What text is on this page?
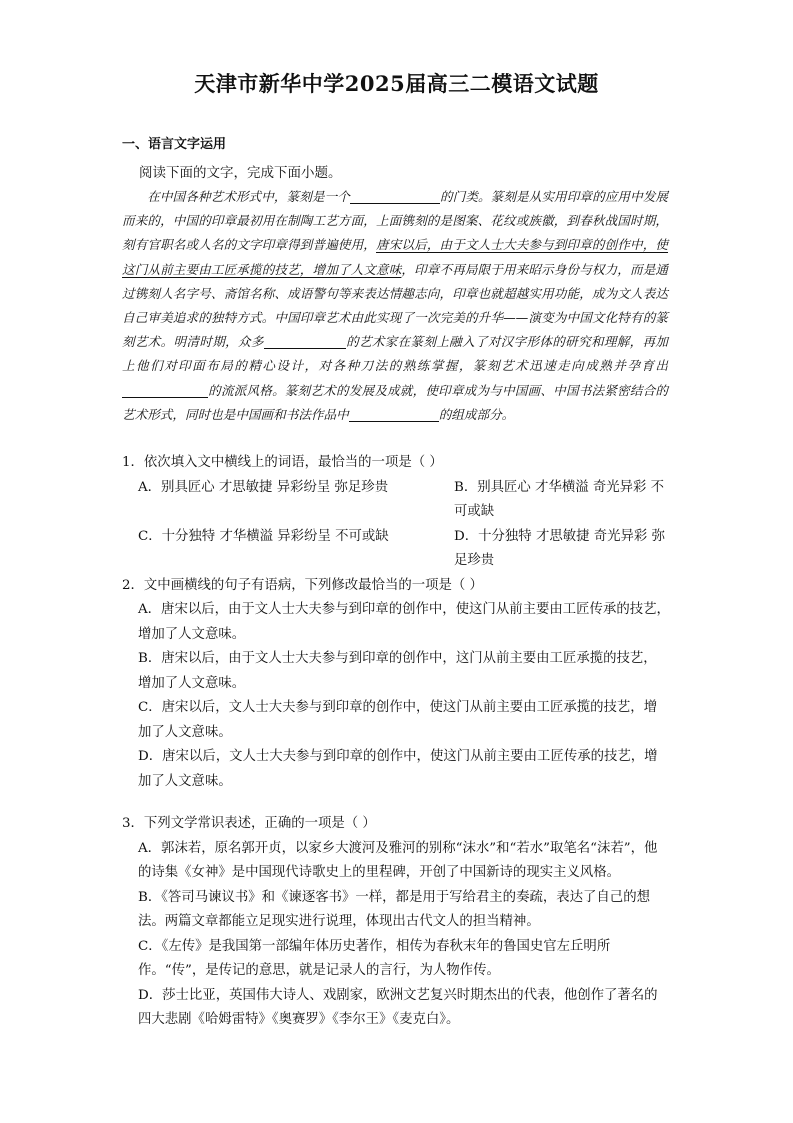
天津市新华中学2025届高三二模语文试题
一、语言文字运用
阅读下面的文字，完成下面小题。

在中国各种艺术形式中，篆刻是一个	的门类。篆刻是从实用印章的应用中发展而来的，中国的印章最初用在制陶工艺方面，上面镌刻的是图案、花纹或族徽，到春秋战国时期，刻有官职名或人名的文字印章得到普遍使用，唐宋以后，由于文人士大夫参与到印章的创作中，使这门从前主要由工匠承揽的技艺，增加了人文意味，印章不再局限于用来昭示身份与权力，而是通过镌刻人名字号、斋馆名称、成语警句等来表达情趣志向，印章也就超越实用功能，成为文人表达自己审美追求的独特方式。中国印章艺术由此实现了一次完美的升华——演变为中国文化特有的篆刻艺术。明清时期，众多	的艺术家在篆刻上融入了对汉字形体的研究和理解，再加上他们对印面布局的精心设计，对各种刀法的熟练掌握，篆刻艺术迅速走向成熟并孕育出的流派风格。篆刻艺术的发展及成就，使印章成为与中国画、中国书法紧密结合的艺术形式，同时也是中国画和书法作品中	的组成部分。

1．依次填入文中横线上的词语，最恰当的一项是（ ）

A．别具匠心 才思敏捷 异彩纷呈 弥足珍贵	B．别具匠心 才华横溢 奇光异彩 不可或缺
C．十分独特 才华横溢 异彩纷呈 不可或缺	D．十分独特 才思敏捷 奇光异彩 弥足珍贵

2．文中画横线的句子有语病，下列修改最恰当的一项是（ ）

A．唐宋以后，由于文人士大夫参与到印章的创作中，使这门从前主要由工匠传承的技艺，增加了人文意味。

B．唐宋以后，由于文人士大夫参与到印章的创作中，这门从前主要由工匠承揽的技艺，增加了人文意味。

C．唐宋以后，文人士大夫参与到印章的创作中，使这门从前主要由工匠承揽的技艺，增加了人文意味。

D．唐宋以后，文人士大夫参与到印章的创作中，使这门从前主要由工匠传承的技艺，增加了人文意味。

3．下列文学常识表述，正确的一项是（ ）

A．郭沫若，原名郭开贞，以家乡大渡河及雅河的别称“沫水”和“若水”取笔名“沫若”，他的诗集《女神》是中国现代诗歌史上的里程碑，开创了中国新诗的现实主义风格。

B．《答司马谏议书》和《谏逐客书》一样，都是用于写给君主的奏疏，表达了自己的想法。两篇文章都能立足现实进行说理，体现出古代文人的担当精神。

C．《左传》是我国第一部编年体历史著作，相传为春秋末年的鲁国史官左丘明所作。“传”，是传记的意思，就是记录人的言行，为人物作传。

D．莎士比亚，英国伟大诗人、戏剧家，欧洲文艺复兴时期杰出的代表，他创作了著名的四大悲剧《哈姆雷特》《奥赛罗》《李尔王》《麦克白》。
